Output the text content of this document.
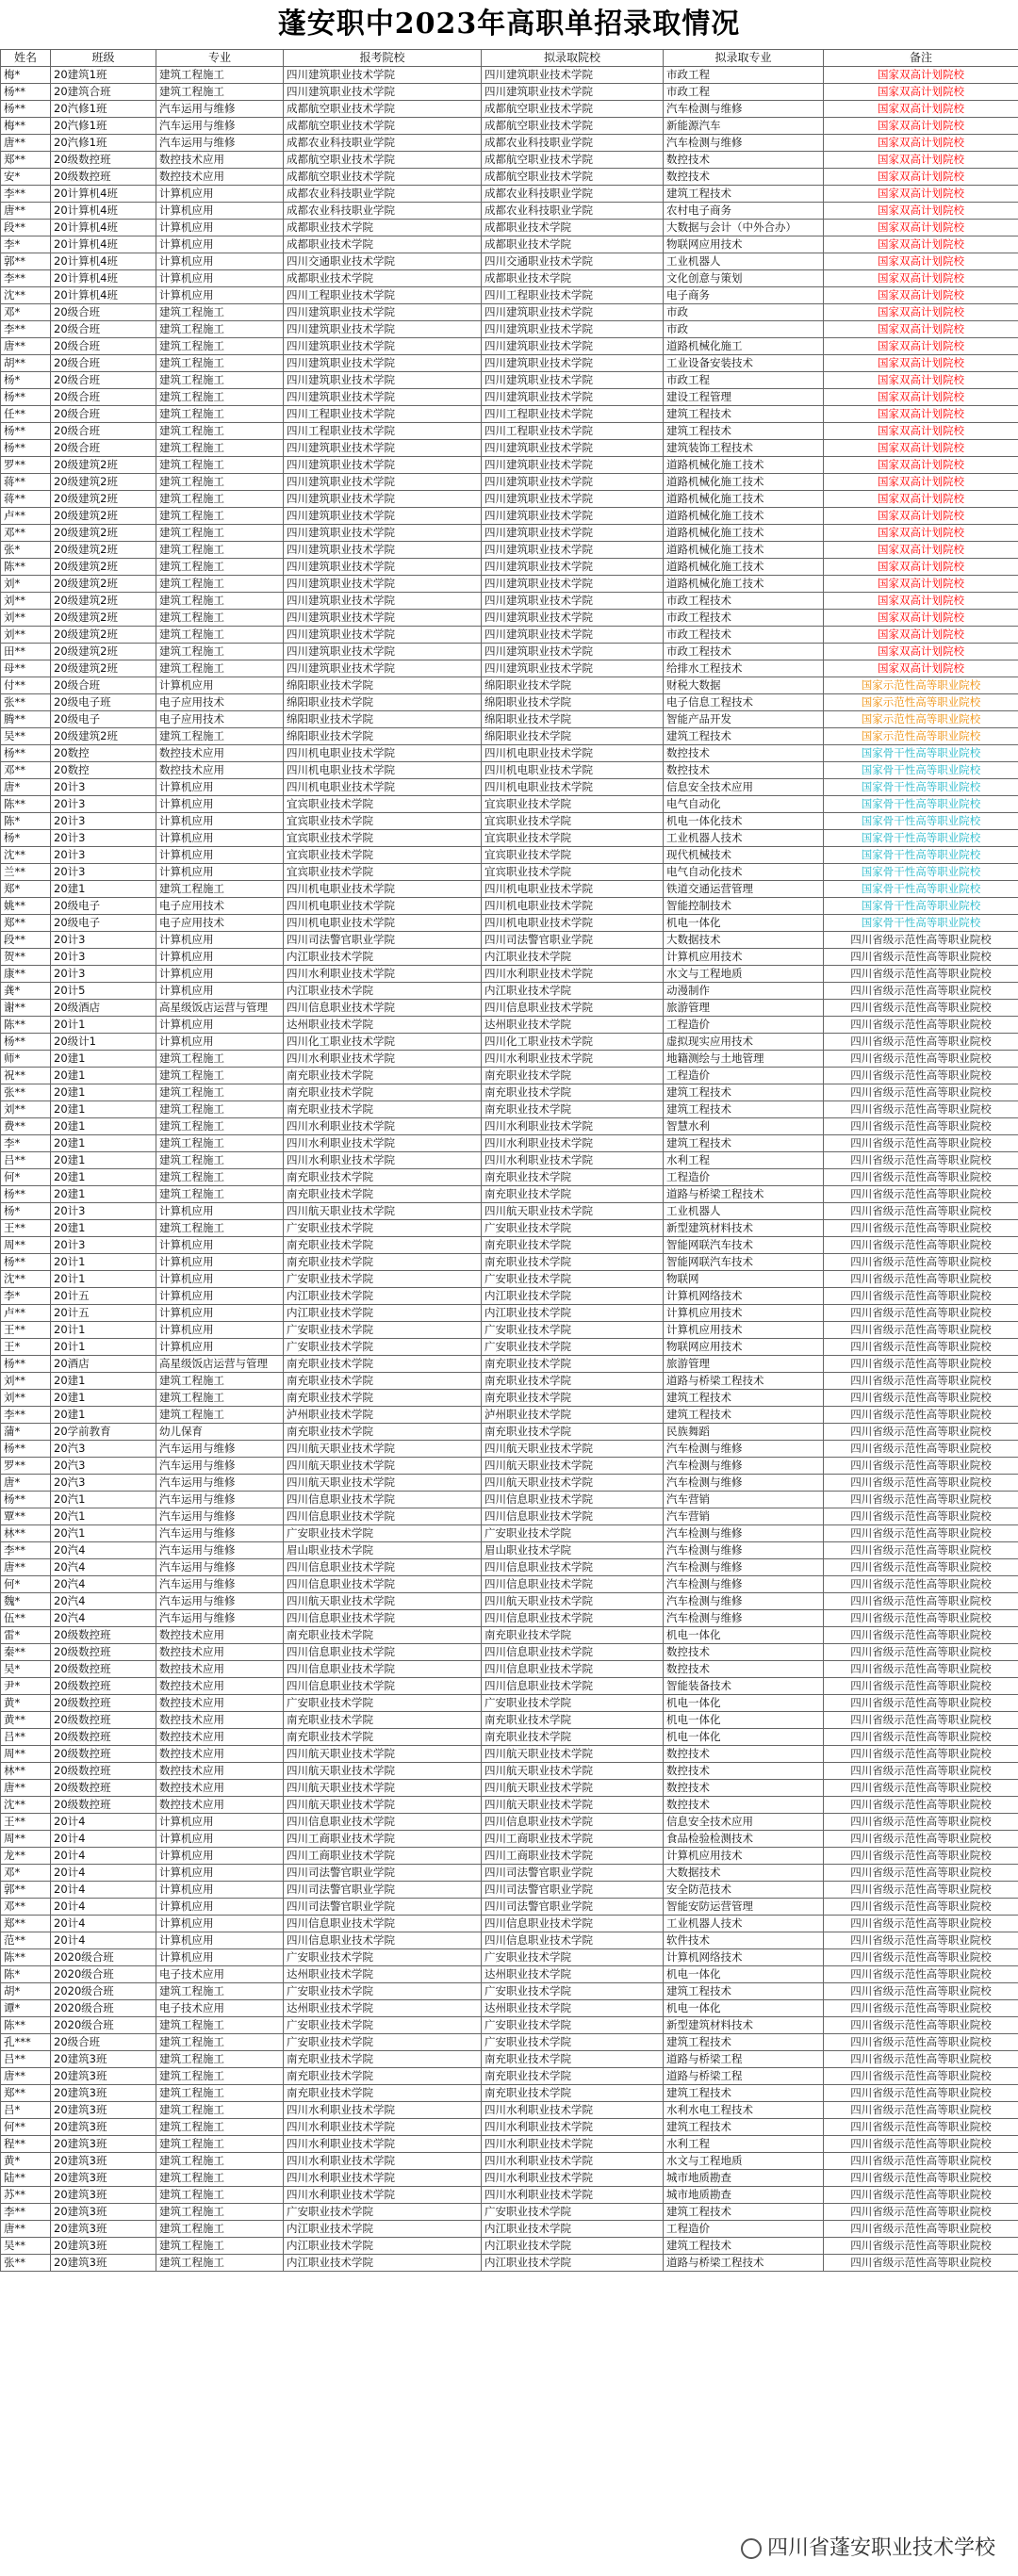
蓬安职中2023年高职单招录取情况
姓名	班级	专业	报考院校	拟录取院校	拟录取专业	备注
梅*	20建筑1班	建筑工程施工	四川建筑职业技术学院	四川建筑职业技术学院	市政工程	国家双高计划院校
杨**	20建筑合班	建筑工程施工	四川建筑职业技术学院	四川建筑职业技术学院	市政工程	国家双高计划院校
杨**	20汽修1班	汽车运用与维修	成都航空职业技术学院	成都航空职业技术学院	汽车检测与维修	国家双高计划院校
梅**	20汽修1班	汽车运用与维修	成都航空职业技术学院	成都航空职业技术学院	新能源汽车	国家双高计划院校
唐**	20汽修1班	汽车运用与维修	成都农业科技职业学院	成都农业科技职业学院	汽车检测与维修	国家双高计划院校
郑**	20级数控班	数控技术应用	成都航空职业技术学院	成都航空职业技术学院	数控技术	国家双高计划院校
安*	20级数控班	数控技术应用	成都航空职业技术学院	成都航空职业技术学院	数控技术	国家双高计划院校
李**	20计算机4班	计算机应用	成都农业科技职业学院	成都农业科技职业学院	建筑工程技术	国家双高计划院校
唐**	20计算机4班	计算机应用	成都农业科技职业学院	成都农业科技职业学院	农村电子商务	国家双高计划院校
段**	20计算机4班	计算机应用	成都职业技术学院	成都职业技术学院	大数据与会计（中外合办）	国家双高计划院校
李*	20计算机4班	计算机应用	成都职业技术学院	成都职业技术学院	物联网应用技术	国家双高计划院校
郭**	20计算机4班	计算机应用	四川交通职业技术学院	四川交通职业技术学院	工业机器人	国家双高计划院校
李**	20计算机4班	计算机应用	成都职业技术学院	成都职业技术学院	文化创意与策划	国家双高计划院校
沈**	20计算机4班	计算机应用	四川工程职业技术学院	四川工程职业技术学院	电子商务	国家双高计划院校
邓*	20级合班	建筑工程施工	四川建筑职业技术学院	四川建筑职业技术学院	市政	国家双高计划院校
李**	20级合班	建筑工程施工	四川建筑职业技术学院	四川建筑职业技术学院	市政	国家双高计划院校
唐**	20级合班	建筑工程施工	四川建筑职业技术学院	四川建筑职业技术学院	道路机械化施工	国家双高计划院校
胡**	20级合班	建筑工程施工	四川建筑职业技术学院	四川建筑职业技术学院	工业设备安装技术	国家双高计划院校
杨*	20级合班	建筑工程施工	四川建筑职业技术学院	四川建筑职业技术学院	市政工程	国家双高计划院校
杨**	20级合班	建筑工程施工	四川建筑职业技术学院	四川建筑职业技术学院	建设工程管理	国家双高计划院校
任**	20级合班	建筑工程施工	四川工程职业技术学院	四川工程职业技术学院	建筑工程技术	国家双高计划院校
杨**	20级合班	建筑工程施工	四川工程职业技术学院	四川工程职业技术学院	建筑工程技术	国家双高计划院校
杨**	20级合班	建筑工程施工	四川建筑职业技术学院	四川建筑职业技术学院	建筑装饰工程技术	国家双高计划院校
罗**	20级建筑2班	建筑工程施工	四川建筑职业技术学院	四川建筑职业技术学院	道路机械化施工技术	国家双高计划院校
蒋**	20级建筑2班	建筑工程施工	四川建筑职业技术学院	四川建筑职业技术学院	道路机械化施工技术	国家双高计划院校
蒋**	20级建筑2班	建筑工程施工	四川建筑职业技术学院	四川建筑职业技术学院	道路机械化施工技术	国家双高计划院校
卢**	20级建筑2班	建筑工程施工	四川建筑职业技术学院	四川建筑职业技术学院	道路机械化施工技术	国家双高计划院校
邓**	20级建筑2班	建筑工程施工	四川建筑职业技术学院	四川建筑职业技术学院	道路机械化施工技术	国家双高计划院校
张*	20级建筑2班	建筑工程施工	四川建筑职业技术学院	四川建筑职业技术学院	道路机械化施工技术	国家双高计划院校
陈**	20级建筑2班	建筑工程施工	四川建筑职业技术学院	四川建筑职业技术学院	道路机械化施工技术	国家双高计划院校
刘*	20级建筑2班	建筑工程施工	四川建筑职业技术学院	四川建筑职业技术学院	道路机械化施工技术	国家双高计划院校
刘**	20级建筑2班	建筑工程施工	四川建筑职业技术学院	四川建筑职业技术学院	市政工程技术	国家双高计划院校
刘**	20级建筑2班	建筑工程施工	四川建筑职业技术学院	四川建筑职业技术学院	市政工程技术	国家双高计划院校
刘**	20级建筑2班	建筑工程施工	四川建筑职业技术学院	四川建筑职业技术学院	市政工程技术	国家双高计划院校
田**	20级建筑2班	建筑工程施工	四川建筑职业技术学院	四川建筑职业技术学院	市政工程技术	国家双高计划院校
母**	20级建筑2班	建筑工程施工	四川建筑职业技术学院	四川建筑职业技术学院	给排水工程技术	国家双高计划院校
付**	20级合班	计算机应用	绵阳职业技术学院	绵阳职业技术学院	财税大数据	国家示范性高等职业院校
张**	20级电子班	电子应用技术	绵阳职业技术学院	绵阳职业技术学院	电子信息工程技术	国家示范性高等职业院校
腾**	20级电子	电子应用技术	绵阳职业技术学院	绵阳职业技术学院	智能产品开发	国家示范性高等职业院校
吴**	20级建筑2班	建筑工程施工	绵阳职业技术学院	绵阳职业技术学院	建筑工程技术	国家示范性高等职业院校
杨**	20数控	数控技术应用	四川机电职业技术学院	四川机电职业技术学院	数控技术	国家骨干性高等职业院校
邓**	20数控	数控技术应用	四川机电职业技术学院	四川机电职业技术学院	数控技术	国家骨干性高等职业院校
唐*	20计3	计算机应用	四川机电职业技术学院	四川机电职业技术学院	信息安全技术应用	国家骨干性高等职业院校
陈**	20计3	计算机应用	宜宾职业技术学院	宜宾职业技术学院	电气自动化	国家骨干性高等职业院校
陈*	20计3	计算机应用	宜宾职业技术学院	宜宾职业技术学院	机电一体化技术	国家骨干性高等职业院校
杨*	20计3	计算机应用	宜宾职业技术学院	宜宾职业技术学院	工业机器人技术	国家骨干性高等职业院校
沈**	20计3	计算机应用	宜宾职业技术学院	宜宾职业技术学院	现代机械技术	国家骨干性高等职业院校
兰**	20计3	计算机应用	宜宾职业技术学院	宜宾职业技术学院	电气自动化技术	国家骨干性高等职业院校
郑*	20建1	建筑工程施工	四川机电职业技术学院	四川机电职业技术学院	铁道交通运营管理	国家骨干性高等职业院校
姚**	20级电子	电子应用技术	四川机电职业技术学院	四川机电职业技术学院	智能控制技术	国家骨干性高等职业院校
郑**	20级电子	电子应用技术	四川机电职业技术学院	四川机电职业技术学院	机电一体化	国家骨干性高等职业院校
段**	20计3	计算机应用	四川司法警官职业学院	四川司法警官职业学院	大数据技术	四川省级示范性高等职业院校
贺**	20计3	计算机应用	内江职业技术学院	内江职业技术学院	计算机应用技术	四川省级示范性高等职业院校
康**	20计3	计算机应用	四川水利职业技术学院	四川水利职业技术学院	水文与工程地质	四川省级示范性高等职业院校
龚*	20计5	计算机应用	内江职业技术学院	内江职业技术学院	动漫制作	四川省级示范性高等职业院校
谢**	20级酒店	高星级饭店运营与管理	四川信息职业技术学院	四川信息职业技术学院	旅游管理	四川省级示范性高等职业院校
陈**	20计1	计算机应用	达州职业技术学院	达州职业技术学院	工程造价	四川省级示范性高等职业院校
杨**	20级计1	计算机应用	四川化工职业技术学院	四川化工职业技术学院	虚拟现实应用技术	四川省级示范性高等职业院校
师*	20建1	建筑工程施工	四川水利职业技术学院	四川水利职业技术学院	地籍测绘与土地管理	四川省级示范性高等职业院校
祝**	20建1	建筑工程施工	南充职业技术学院	南充职业技术学院	工程造价	四川省级示范性高等职业院校
张**	20建1	建筑工程施工	南充职业技术学院	南充职业技术学院	建筑工程技术	四川省级示范性高等职业院校
刘**	20建1	建筑工程施工	南充职业技术学院	南充职业技术学院	建筑工程技术	四川省级示范性高等职业院校
费**	20建1	建筑工程施工	四川水利职业技术学院	四川水利职业技术学院	智慧水利	四川省级示范性高等职业院校
李*	20建1	建筑工程施工	四川水利职业技术学院	四川水利职业技术学院	建筑工程技术	四川省级示范性高等职业院校
吕**	20建1	建筑工程施工	四川水利职业技术学院	四川水利职业技术学院	水利工程	四川省级示范性高等职业院校
何*	20建1	建筑工程施工	南充职业技术学院	南充职业技术学院	工程造价	四川省级示范性高等职业院校
杨**	20建1	建筑工程施工	南充职业技术学院	南充职业技术学院	道路与桥梁工程技术	四川省级示范性高等职业院校
杨*	20计3	计算机应用	四川航天职业技术学院	四川航天职业技术学院	工业机器人	四川省级示范性高等职业院校
王**	20建1	建筑工程施工	广安职业技术学院	广安职业技术学院	新型建筑材料技术	四川省级示范性高等职业院校
周**	20计3	计算机应用	南充职业技术学院	南充职业技术学院	智能网联汽车技术	四川省级示范性高等职业院校
杨**	20计1	计算机应用	南充职业技术学院	南充职业技术学院	智能网联汽车技术	四川省级示范性高等职业院校
沈**	20计1	计算机应用	广安职业技术学院	广安职业技术学院	物联网	四川省级示范性高等职业院校
李*	20计五	计算机应用	内江职业技术学院	内江职业技术学院	计算机网络技术	四川省级示范性高等职业院校
卢**	20计五	计算机应用	内江职业技术学院	内江职业技术学院	计算机应用技术	四川省级示范性高等职业院校
王**	20计1	计算机应用	广安职业技术学院	广安职业技术学院	计算机应用技术	四川省级示范性高等职业院校
王*	20计1	计算机应用	广安职业技术学院	广安职业技术学院	物联网应用技术	四川省级示范性高等职业院校
杨**	20酒店	高星级饭店运营与管理	南充职业技术学院	南充职业技术学院	旅游管理	四川省级示范性高等职业院校
刘**	20建1	建筑工程施工	南充职业技术学院	南充职业技术学院	道路与桥梁工程技术	四川省级示范性高等职业院校
刘**	20建1	建筑工程施工	南充职业技术学院	南充职业技术学院	建筑工程技术	四川省级示范性高等职业院校
李**	20建1	建筑工程施工	泸州职业技术学院	泸州职业技术学院	建筑工程技术	四川省级示范性高等职业院校
蒲*	20学前教育	幼儿保育	南充职业技术学院	南充职业技术学院	民族舞蹈	四川省级示范性高等职业院校
杨**	20汽3	汽车运用与维修	四川航天职业技术学院	四川航天职业技术学院	汽车检测与维修	四川省级示范性高等职业院校
罗**	20汽3	汽车运用与维修	四川航天职业技术学院	四川航天职业技术学院	汽车检测与维修	四川省级示范性高等职业院校
唐*	20汽3	汽车运用与维修	四川航天职业技术学院	四川航天职业技术学院	汽车检测与维修	四川省级示范性高等职业院校
杨**	20汽1	汽车运用与维修	四川信息职业技术学院	四川信息职业技术学院	汽车营销	四川省级示范性高等职业院校
覃**	20汽1	汽车运用与维修	四川信息职业技术学院	四川信息职业技术学院	汽车营销	四川省级示范性高等职业院校
林**	20汽1	汽车运用与维修	广安职业技术学院	广安职业技术学院	汽车检测与维修	四川省级示范性高等职业院校
李**	20汽4	汽车运用与维修	眉山职业技术学院	眉山职业技术学院	汽车检测与维修	四川省级示范性高等职业院校
唐**	20汽4	汽车运用与维修	四川信息职业技术学院	四川信息职业技术学院	汽车检测与维修	四川省级示范性高等职业院校
何*	20汽4	汽车运用与维修	四川信息职业技术学院	四川信息职业技术学院	汽车检测与维修	四川省级示范性高等职业院校
魏*	20汽4	汽车运用与维修	四川航天职业技术学院	四川航天职业技术学院	汽车检测与维修	四川省级示范性高等职业院校
伍**	20汽4	汽车运用与维修	四川信息职业技术学院	四川信息职业技术学院	汽车检测与维修	四川省级示范性高等职业院校
雷*	20级数控班	数控技术应用	南充职业技术学院	南充职业技术学院	机电一体化	四川省级示范性高等职业院校
秦**	20级数控班	数控技术应用	四川信息职业技术学院	四川信息职业技术学院	数控技术	四川省级示范性高等职业院校
吴*	20级数控班	数控技术应用	四川信息职业技术学院	四川信息职业技术学院	数控技术	四川省级示范性高等职业院校
尹*	20级数控班	数控技术应用	四川信息职业技术学院	四川信息职业技术学院	智能装备技术	四川省级示范性高等职业院校
黄*	20级数控班	数控技术应用	广安职业技术学院	广安职业技术学院	机电一体化	四川省级示范性高等职业院校
黄**	20级数控班	数控技术应用	南充职业技术学院	南充职业技术学院	机电一体化	四川省级示范性高等职业院校
吕**	20级数控班	数控技术应用	南充职业技术学院	南充职业技术学院	机电一体化	四川省级示范性高等职业院校
周**	20级数控班	数控技术应用	四川航天职业技术学院	四川航天职业技术学院	数控技术	四川省级示范性高等职业院校
林**	20级数控班	数控技术应用	四川航天职业技术学院	四川航天职业技术学院	数控技术	四川省级示范性高等职业院校
唐**	20级数控班	数控技术应用	四川航天职业技术学院	四川航天职业技术学院	数控技术	四川省级示范性高等职业院校
沈**	20级数控班	数控技术应用	四川航天职业技术学院	四川航天职业技术学院	数控技术	四川省级示范性高等职业院校
王**	20计4	计算机应用	四川信息职业技术学院	四川信息职业技术学院	信息安全技术应用	四川省级示范性高等职业院校
周**	20计4	计算机应用	四川工商职业技术学院	四川工商职业技术学院	食品检验检测技术	四川省级示范性高等职业院校
龙**	20计4	计算机应用	四川工商职业技术学院	四川工商职业技术学院	计算机应用技术	四川省级示范性高等职业院校
邓*	20计4	计算机应用	四川司法警官职业学院	四川司法警官职业学院	大数据技术	四川省级示范性高等职业院校
郭**	20计4	计算机应用	四川司法警官职业学院	四川司法警官职业学院	安全防范技术	四川省级示范性高等职业院校
邓**	20计4	计算机应用	四川司法警官职业学院	四川司法警官职业学院	智能安防运营管理	四川省级示范性高等职业院校
郑**	20计4	计算机应用	四川信息职业技术学院	四川信息职业技术学院	工业机器人技术	四川省级示范性高等职业院校
范**	20计4	计算机应用	四川信息职业技术学院	四川信息职业技术学院	软件技术	四川省级示范性高等职业院校
陈**	2020级合班	计算机应用	广安职业技术学院	广安职业技术学院	计算机网络技术	四川省级示范性高等职业院校
陈*	2020级合班	电子技术应用	达州职业技术学院	达州职业技术学院	机电一体化	四川省级示范性高等职业院校
胡*	2020级合班	建筑工程施工	广安职业技术学院	广安职业技术学院	建筑工程技术	四川省级示范性高等职业院校
谭*	2020级合班	电子技术应用	达州职业技术学院	达州职业技术学院	机电一体化	四川省级示范性高等职业院校
陈**	2020级合班	建筑工程施工	广安职业技术学院	广安职业技术学院	新型建筑材料技术	四川省级示范性高等职业院校
孔***	20级合班	建筑工程施工	广安职业技术学院	广安职业技术学院	建筑工程技术	四川省级示范性高等职业院校
吕**	20建筑3班	建筑工程施工	南充职业技术学院	南充职业技术学院	道路与桥梁工程	四川省级示范性高等职业院校
唐**	20建筑3班	建筑工程施工	南充职业技术学院	南充职业技术学院	道路与桥梁工程	四川省级示范性高等职业院校
郑**	20建筑3班	建筑工程施工	南充职业技术学院	南充职业技术学院	建筑工程技术	四川省级示范性高等职业院校
吕*	20建筑3班	建筑工程施工	四川水利职业技术学院	四川水利职业技术学院	水利水电工程技术	四川省级示范性高等职业院校
何**	20建筑3班	建筑工程施工	四川水利职业技术学院	四川水利职业技术学院	建筑工程技术	四川省级示范性高等职业院校
程**	20建筑3班	建筑工程施工	四川水利职业技术学院	四川水利职业技术学院	水利工程	四川省级示范性高等职业院校
黄*	20建筑3班	建筑工程施工	四川水利职业技术学院	四川水利职业技术学院	水文与工程地质	四川省级示范性高等职业院校
陆**	20建筑3班	建筑工程施工	四川水利职业技术学院	四川水利职业技术学院	城市地质勘查	四川省级示范性高等职业院校
苏**	20建筑3班	建筑工程施工	四川水利职业技术学院	四川水利职业技术学院	城市地质勘查	四川省级示范性高等职业院校
李**	20建筑3班	建筑工程施工	广安职业技术学院	广安职业技术学院	建筑工程技术	四川省级示范性高等职业院校
唐**	20建筑3班	建筑工程施工	内江职业技术学院	内江职业技术学院	工程造价	四川省级示范性高等职业院校
吴**	20建筑3班	建筑工程施工	内江职业技术学院	内江职业技术学院	建筑工程技术	四川省级示范性高等职业院校
张**	20建筑3班	建筑工程施工	内江职业技术学院	内江职业技术学院	道路与桥梁工程技术	四川省级示范性高等职业院校
四川省蓬安职业技术学校
